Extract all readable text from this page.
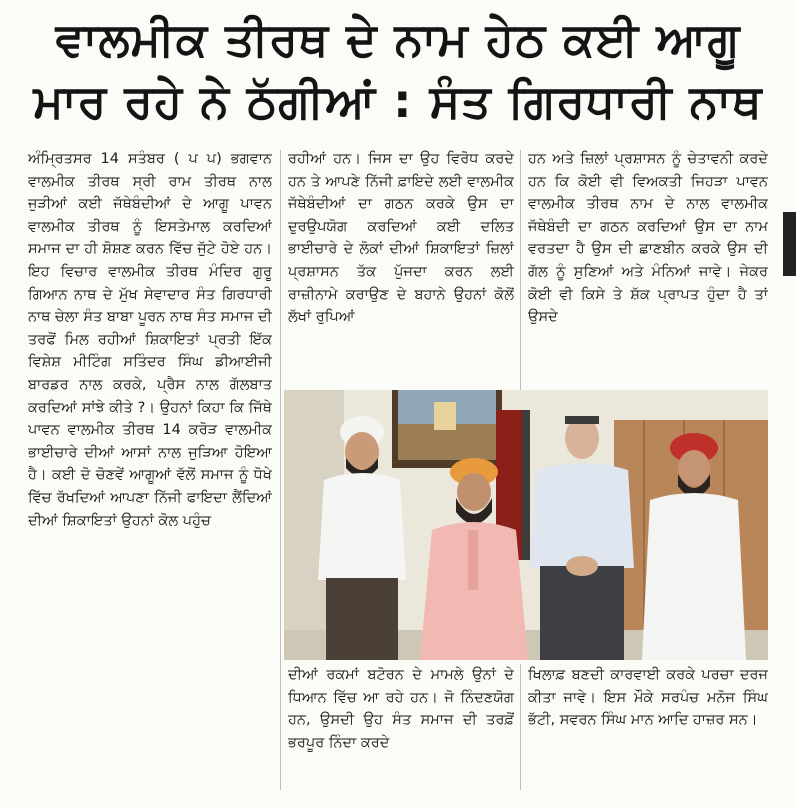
ਵਾਲਮੀਕ ਤੀਰਥ ਦੇ ਨਾਮ ਹੇਠ ਕਈ ਆਗੂ
ਮਾਰ ਰਹੇ ਨੇ ਠੱਗੀਆਂ : ਸੰਤ ਗਿਰਧਾਰੀ ਨਾਥ
ਅੰਮ੍ਰਿਤਸਰ 14 ਸਤੰਬਰ ( ਪ ਪ) ਭਗਵਾਨ ਵਾਲਮੀਕ ਤੀਰਥ ਸ੍ਰੀ ਰਾਮ ਤੀਰਥ ਨਾਲ ਜੁੜੀਆਂ ਕਈ ਜੱਥੇਬੰਦੀਆਂ ਦੇ ਆਗੂ ਪਾਵਨ ਵਾਲਮੀਕ ਤੀਰਥ ਨੂੰ ਇਸਤੇਮਾਲ ਕਰਦਿਆਂ ਸਮਾਜ ਦਾ ਹੀ ਸ਼ੋਸ਼ਣ ਕਰਨ ਵਿੱਚ ਜੁੱਟੇ ਹੋਏ ਹਨ। ਇਹ ਵਿਚਾਰ ਵਾਲਮੀਕ ਤੀਰਥ ਮੰਦਿਰ ਗੁਰੂ ਗਿਆਨ ਨਾਥ ਦੇ ਮੁੱਖ ਸੇਵਾਦਾਰ ਸੰਤ ਗਿਰਧਾਰੀ ਨਾਥ ਚੇਲਾ ਸੰਤ ਬਾਬਾ ਪੂਰਨ ਨਾਥ ਸੰਤ ਸਮਾਜ ਦੀ ਤਰਫੋਂ ਮਿਲ ਰਹੀਆਂ ਸ਼ਿਕਾਇਤਾਂ ਪ੍ਰਤੀ ਇੱਕ ਵਿਸ਼ੇਸ਼ ਮੀਟਿੰਗ ਸਤਿੰਦਰ ਸਿੰਘ ਡੀਆਈਜੀ ਬਾਰਡਰ ਨਾਲ ਕਰਕੇ, ਪ੍ਰੈਸ ਨਾਲ ਗੱਲਬਾਤ ਕਰਦਿਆਂ ਸਾਂਝੇ ਕੀਤੇ ?। ਉਹਨਾਂ ਕਿਹਾ ਕਿ ਜਿੱਥੇ ਪਾਵਨ ਵਾਲਮੀਕ ਤੀਰਥ 14 ਕਰੋੜ ਵਾਲਮੀਕ ਭਾਈਚਾਰੇ ਦੀਆਂ ਆਸਾਂ ਨਾਲ ਜੁੜਿਆ ਹੋਇਆ ਹੈ। ਕਈ ਦੋ ਚੋਣਵੇਂ ਆਗੂਆਂ ਵੱਲੋਂ ਸਮਾਜ ਨੂੰ ਧੋਖੇ ਵਿੱਚ ਰੱਖਦਿਆਂ ਆਪਣਾ ਨਿੱਜੀ ਫਾਇਦਾ ਲੈਂਦਿਆਂ ਦੀਆਂ ਸ਼ਿਕਾਇਤਾਂ ਉਹਨਾਂ ਕੋਲ ਪਹੁੰਚ
ਰਹੀਆਂ ਹਨ। ਜਿਸ ਦਾ ਉਹ ਵਿਰੋਧ ਕਰਦੇ ਹਨ ਤੇ ਆਪਣੇ ਨਿੱਜੀ ਫ਼ਾਇਦੇ ਲਈ ਵਾਲਮੀਕ ਜੱਥੇਬੰਦੀਆਂ ਦਾ ਗਠਨ ਕਰਕੇ ਉਸ ਦਾ ਦੁਰਉਪਯੋਗ ਕਰਦਿਆਂ ਕਈ ਦਲਿਤ ਭਾਈਚਾਰੇ ਦੇ ਲੋਕਾਂ ਦੀਆਂ ਸ਼ਿਕਾਇਤਾਂ ਜ਼ਿਲਾਂ ਪ੍ਰਸ਼ਾਸਨ ਤੱਕ ਪੁੱਜਦਾ ਕਰਨ ਲਈ ਰਾਜ਼ੀਨਾਮੇ ਕਰਾਉਣ ਦੇ ਬਹਾਨੇ ਉਹਨਾਂ ਕੋਲੋਂ ਲੱਖਾਂ ਰੁਪਿਆਂ
ਹਨ ਅਤੇ ਜ਼ਿਲਾਂ ਪ੍ਰਸ਼ਾਸਨ ਨੂੰ ਚੇਤਾਵਨੀ ਕਰਦੇ ਹਨ ਕਿ ਕੋਈ ਵੀ ਵਿਅਕਤੀ ਜਿਹੜਾ ਪਾਵਨ ਵਾਲਮੀਕ ਤੀਰਥ ਨਾਮ ਦੇ ਨਾਲ ਵਾਲਮੀਕ ਜੱਥੇਬੰਦੀ ਦਾ ਗਠਨ ਕਰਦਿਆਂ ਉਸ ਦਾ ਨਾਮ ਵਰਤਦਾ ਹੈ ਉਸ ਦੀ ਛਾਣਬੀਨ ਕਰਕੇ ਉਸ ਦੀ ਗੱਲ ਨੂੰ ਸੁਣਿਆਂ ਅਤੇ ਮੰਨਿਆਂ ਜਾਵੇ। ਜੇਕਰ ਕੋਈ ਵੀ ਕਿਸੇ ਤੇ ਸ਼ੱਕ ਪ੍ਰਾਪਤ ਹੁੰਦਾ ਹੈ ਤਾਂ ਉਸਦੇ
ਦੀਆਂ ਰਕਮਾਂ ਬਟੋਰਨ ਦੇ ਮਾਮਲੇ ਉਨਾਂ ਦੇ ਧਿਆਨ ਵਿੱਚ ਆ ਰਹੇ ਹਨ। ਜੋ ਨਿੰਦਣਯੋਗ ਹਨ, ਉਸਦੀ ਉਹ ਸੰਤ ਸਮਾਜ ਦੀ ਤਰਫ਼ੋਂ ਭਰਪੂਰ ਨਿੰਦਾ ਕਰਦੇ
ਖਿਲਾਫ਼ ਬਣਦੀ ਕਾਰਵਾਈ ਕਰਕੇ ਪਰਚਾ ਦਰਜ ਕੀਤਾ ਜਾਵੇ। ਇਸ ਮੌਕੇ ਸਰਪੰਚ ਮਨੋਜ ਸਿੰਘ ਭੱਟੀ, ਸਵਰਨ ਸਿੰਘ ਮਾਨ ਆਦਿ ਹਾਜ਼ਰ ਸਨ।
